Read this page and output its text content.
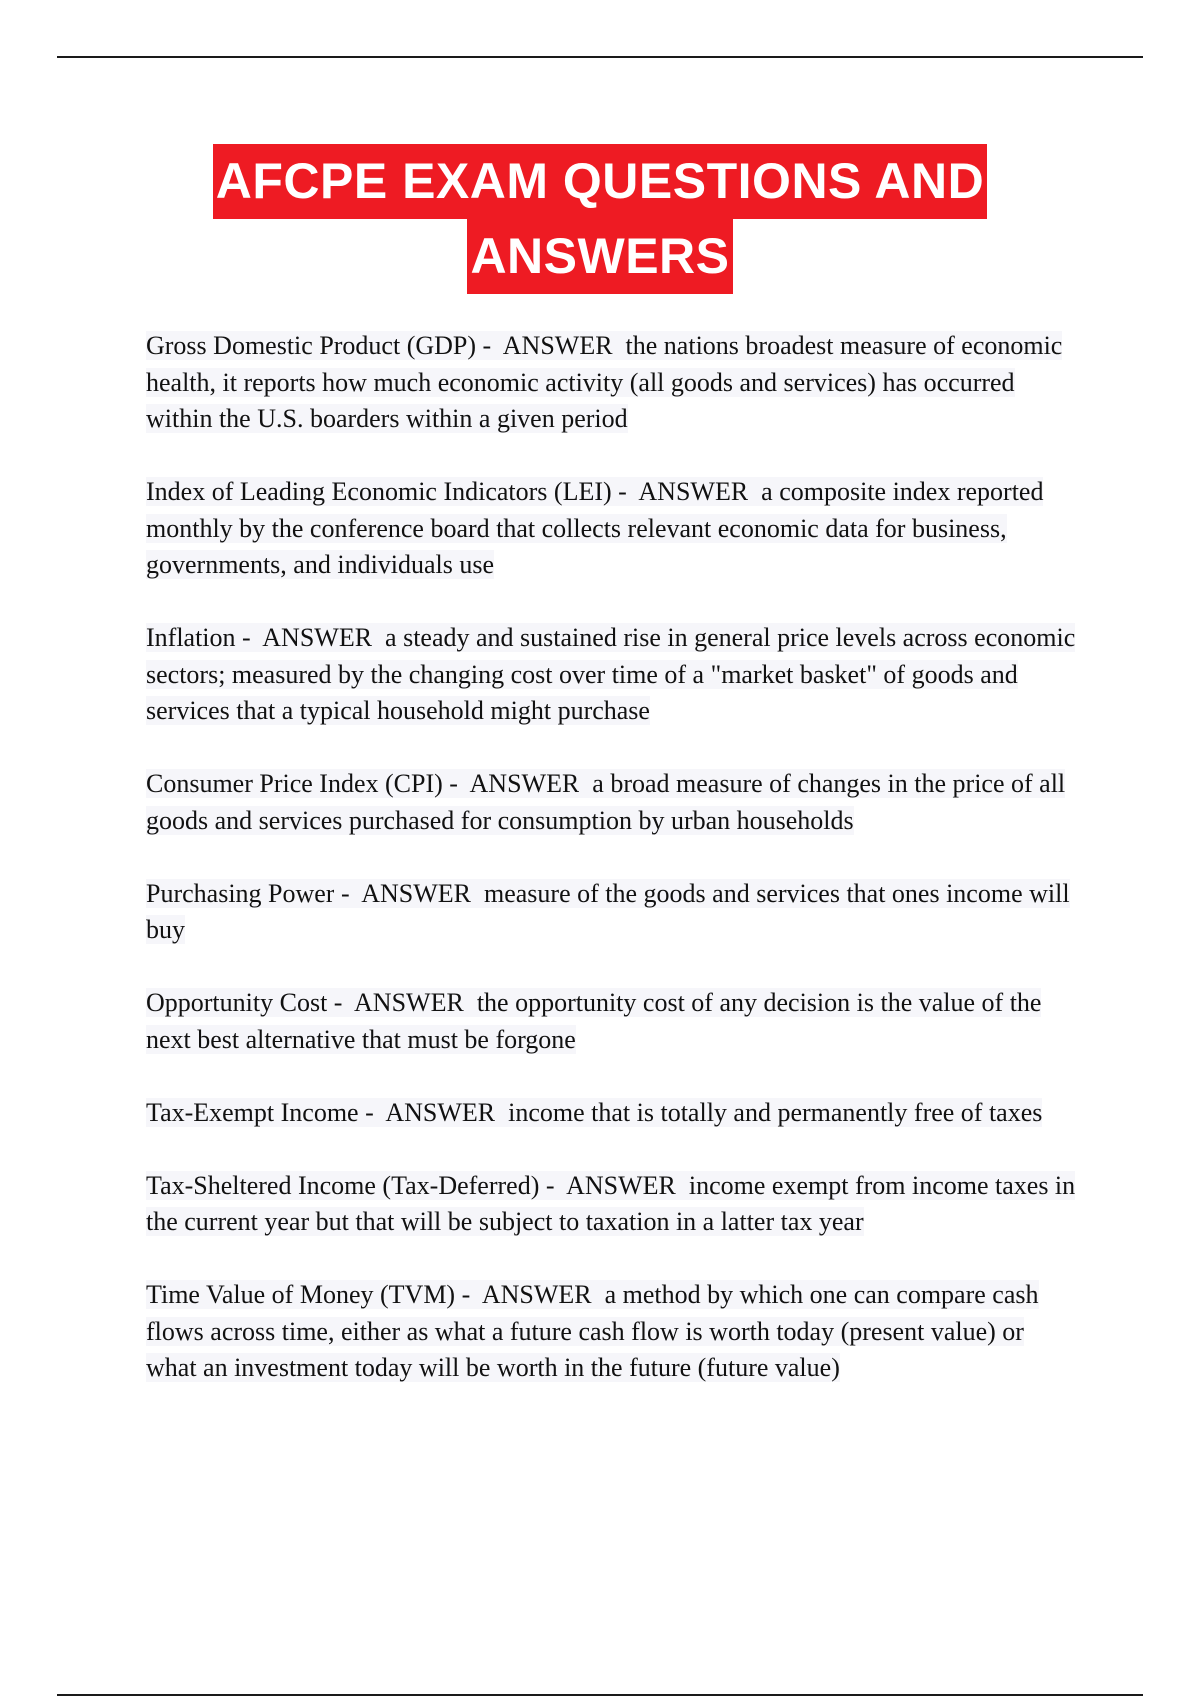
AFCPE EXAM QUESTIONS AND
ANSWERS

Gross Domestic Product (GDP) -  ANSWER the nations broadest measure of economic health, it reports how much economic activity (all goods and services) has occurred within the U.S. boarders within a given period

Index of Leading Economic Indicators (LEI) -  ANSWER a composite index reported monthly by the conference board that collects relevant economic data for business, governments, and individuals use

Inflation -  ANSWER a steady and sustained rise in general price levels across economic sectors; measured by the changing cost over time of a "market basket" of goods and services that a typical household might purchase

Consumer Price Index (CPI) -  ANSWER a broad measure of changes in the price of all goods and services purchased for consumption by urban households

Purchasing Power -  ANSWER measure of the goods and services that ones income will buy

Opportunity Cost -  ANSWER the opportunity cost of any decision is the value of the next best alternative that must be forgone

Tax-Exempt Income -  ANSWER income that is totally and permanently free of taxes

Tax-Sheltered Income (Tax-Deferred) -  ANSWER income exempt from income taxes in the current year but that will be subject to taxation in a latter tax year

Time Value of Money (TVM) -  ANSWER a method by which one can compare cash flows across time, either as what a future cash flow is worth today (present value) or what an investment today will be worth in the future (future value)
